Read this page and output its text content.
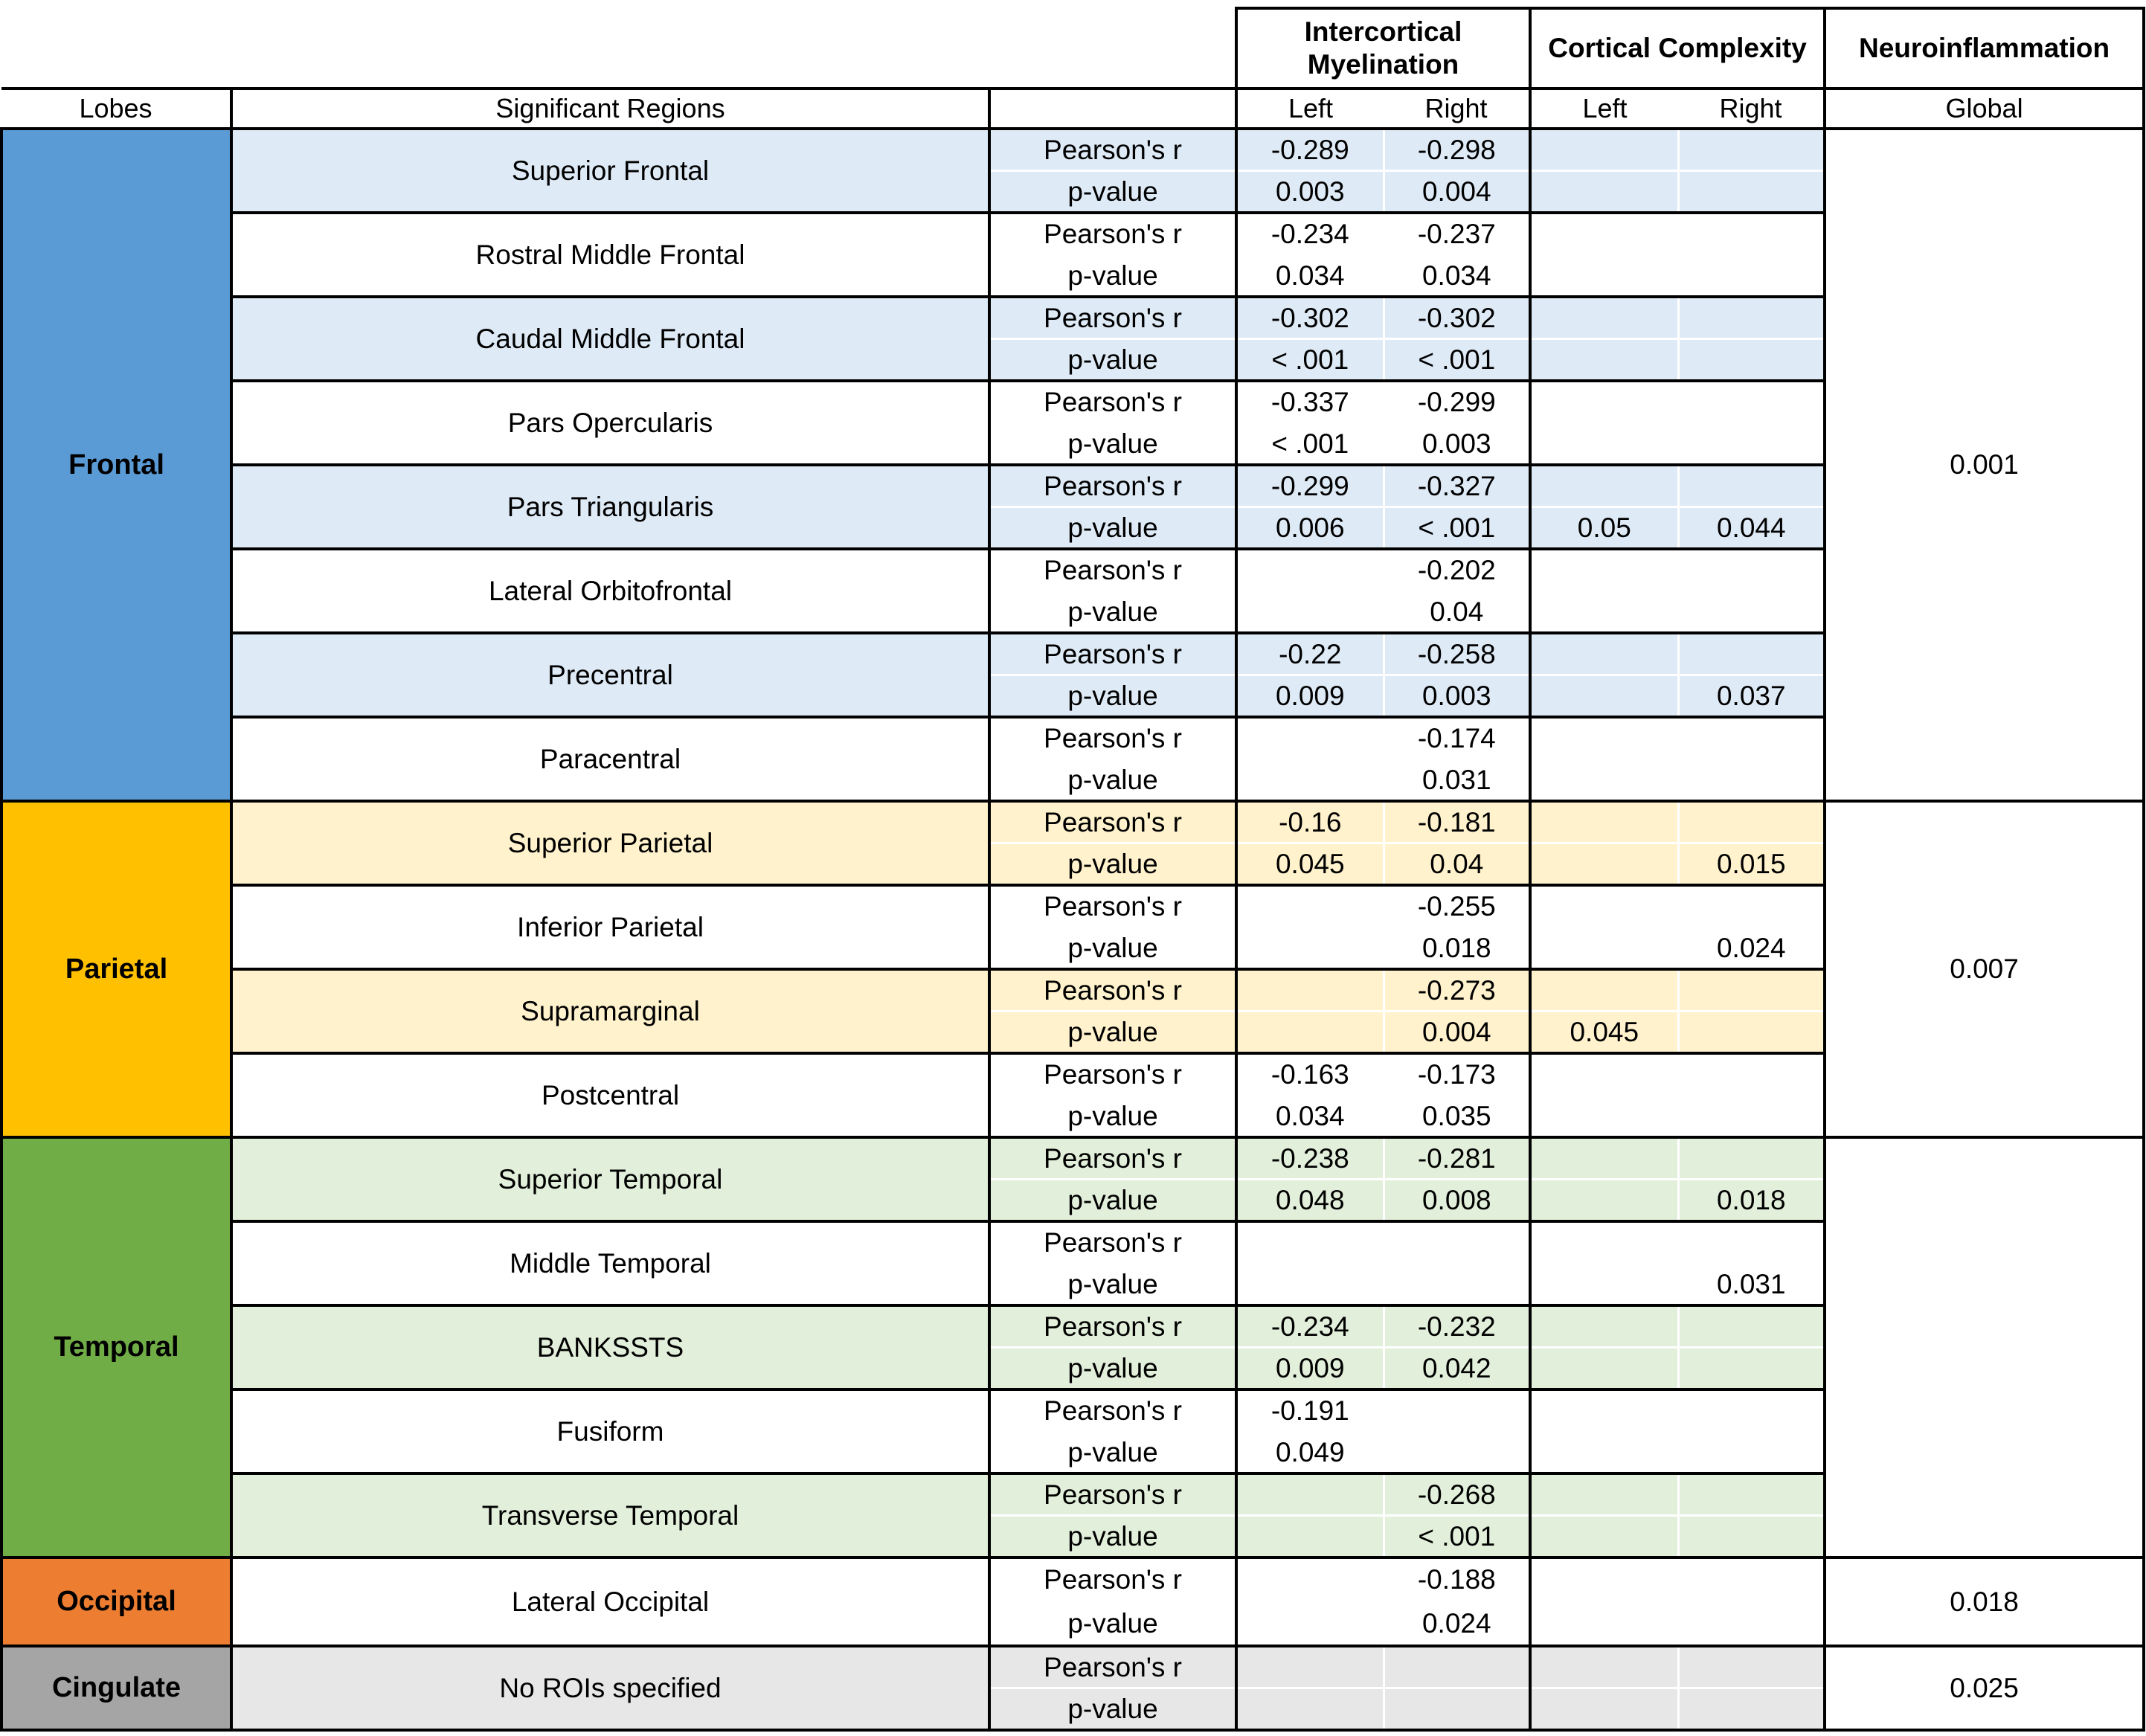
			Intercortical Myelination		Cortical Complexity		Neuroinflammation
Lobes	Significant Regions		Left	Right	Left	Right	Global
Frontal	Superior Frontal	Pearson's r	-0.289	-0.298			0.001
		p-value	0.003	0.004			
	Rostral Middle Frontal	Pearson's r	-0.234	-0.237			
		p-value	0.034	0.034			
	Caudal Middle Frontal	Pearson's r	-0.302	-0.302			
		p-value	< .001	< .001			
	Pars Opercularis	Pearson's r	-0.337	-0.299			
		p-value	< .001	0.003			
	Pars Triangularis	Pearson's r	-0.299	-0.327			
		p-value	0.006	< .001	0.05	0.044	
	Lateral Orbitofrontal	Pearson's r		-0.202			
		p-value		0.04			
	Precentral	Pearson's r	-0.22	-0.258			
		p-value	0.009	0.003		0.037	
	Paracentral	Pearson's r		-0.174			
		p-value		0.031			
Parietal	Superior Parietal	Pearson's r	-0.16	-0.181			0.007
		p-value	0.045	0.04		0.015	
	Inferior Parietal	Pearson's r		-0.255			
		p-value		0.018		0.024	
	Supramarginal	Pearson's r		-0.273			
		p-value		0.004	0.045		
	Postcentral	Pearson's r	-0.163	-0.173			
		p-value	0.034	0.035			
Temporal	Superior Temporal	Pearson's r	-0.238	-0.281			
		p-value	0.048	0.008		0.018	
	Middle Temporal	Pearson's r					
		p-value				0.031	
	BANKSSTS	Pearson's r	-0.234	-0.232			
		p-value	0.009	0.042			
	Fusiform	Pearson's r	-0.191				
		p-value	0.049				
	Transverse Temporal	Pearson's r		-0.268			
		p-value		< .001			
Occipital	Lateral Occipital	Pearson's r		-0.188			0.018
		p-value		0.024			
Cingulate	No ROIs specified	Pearson's r					0.025
		p-value					
